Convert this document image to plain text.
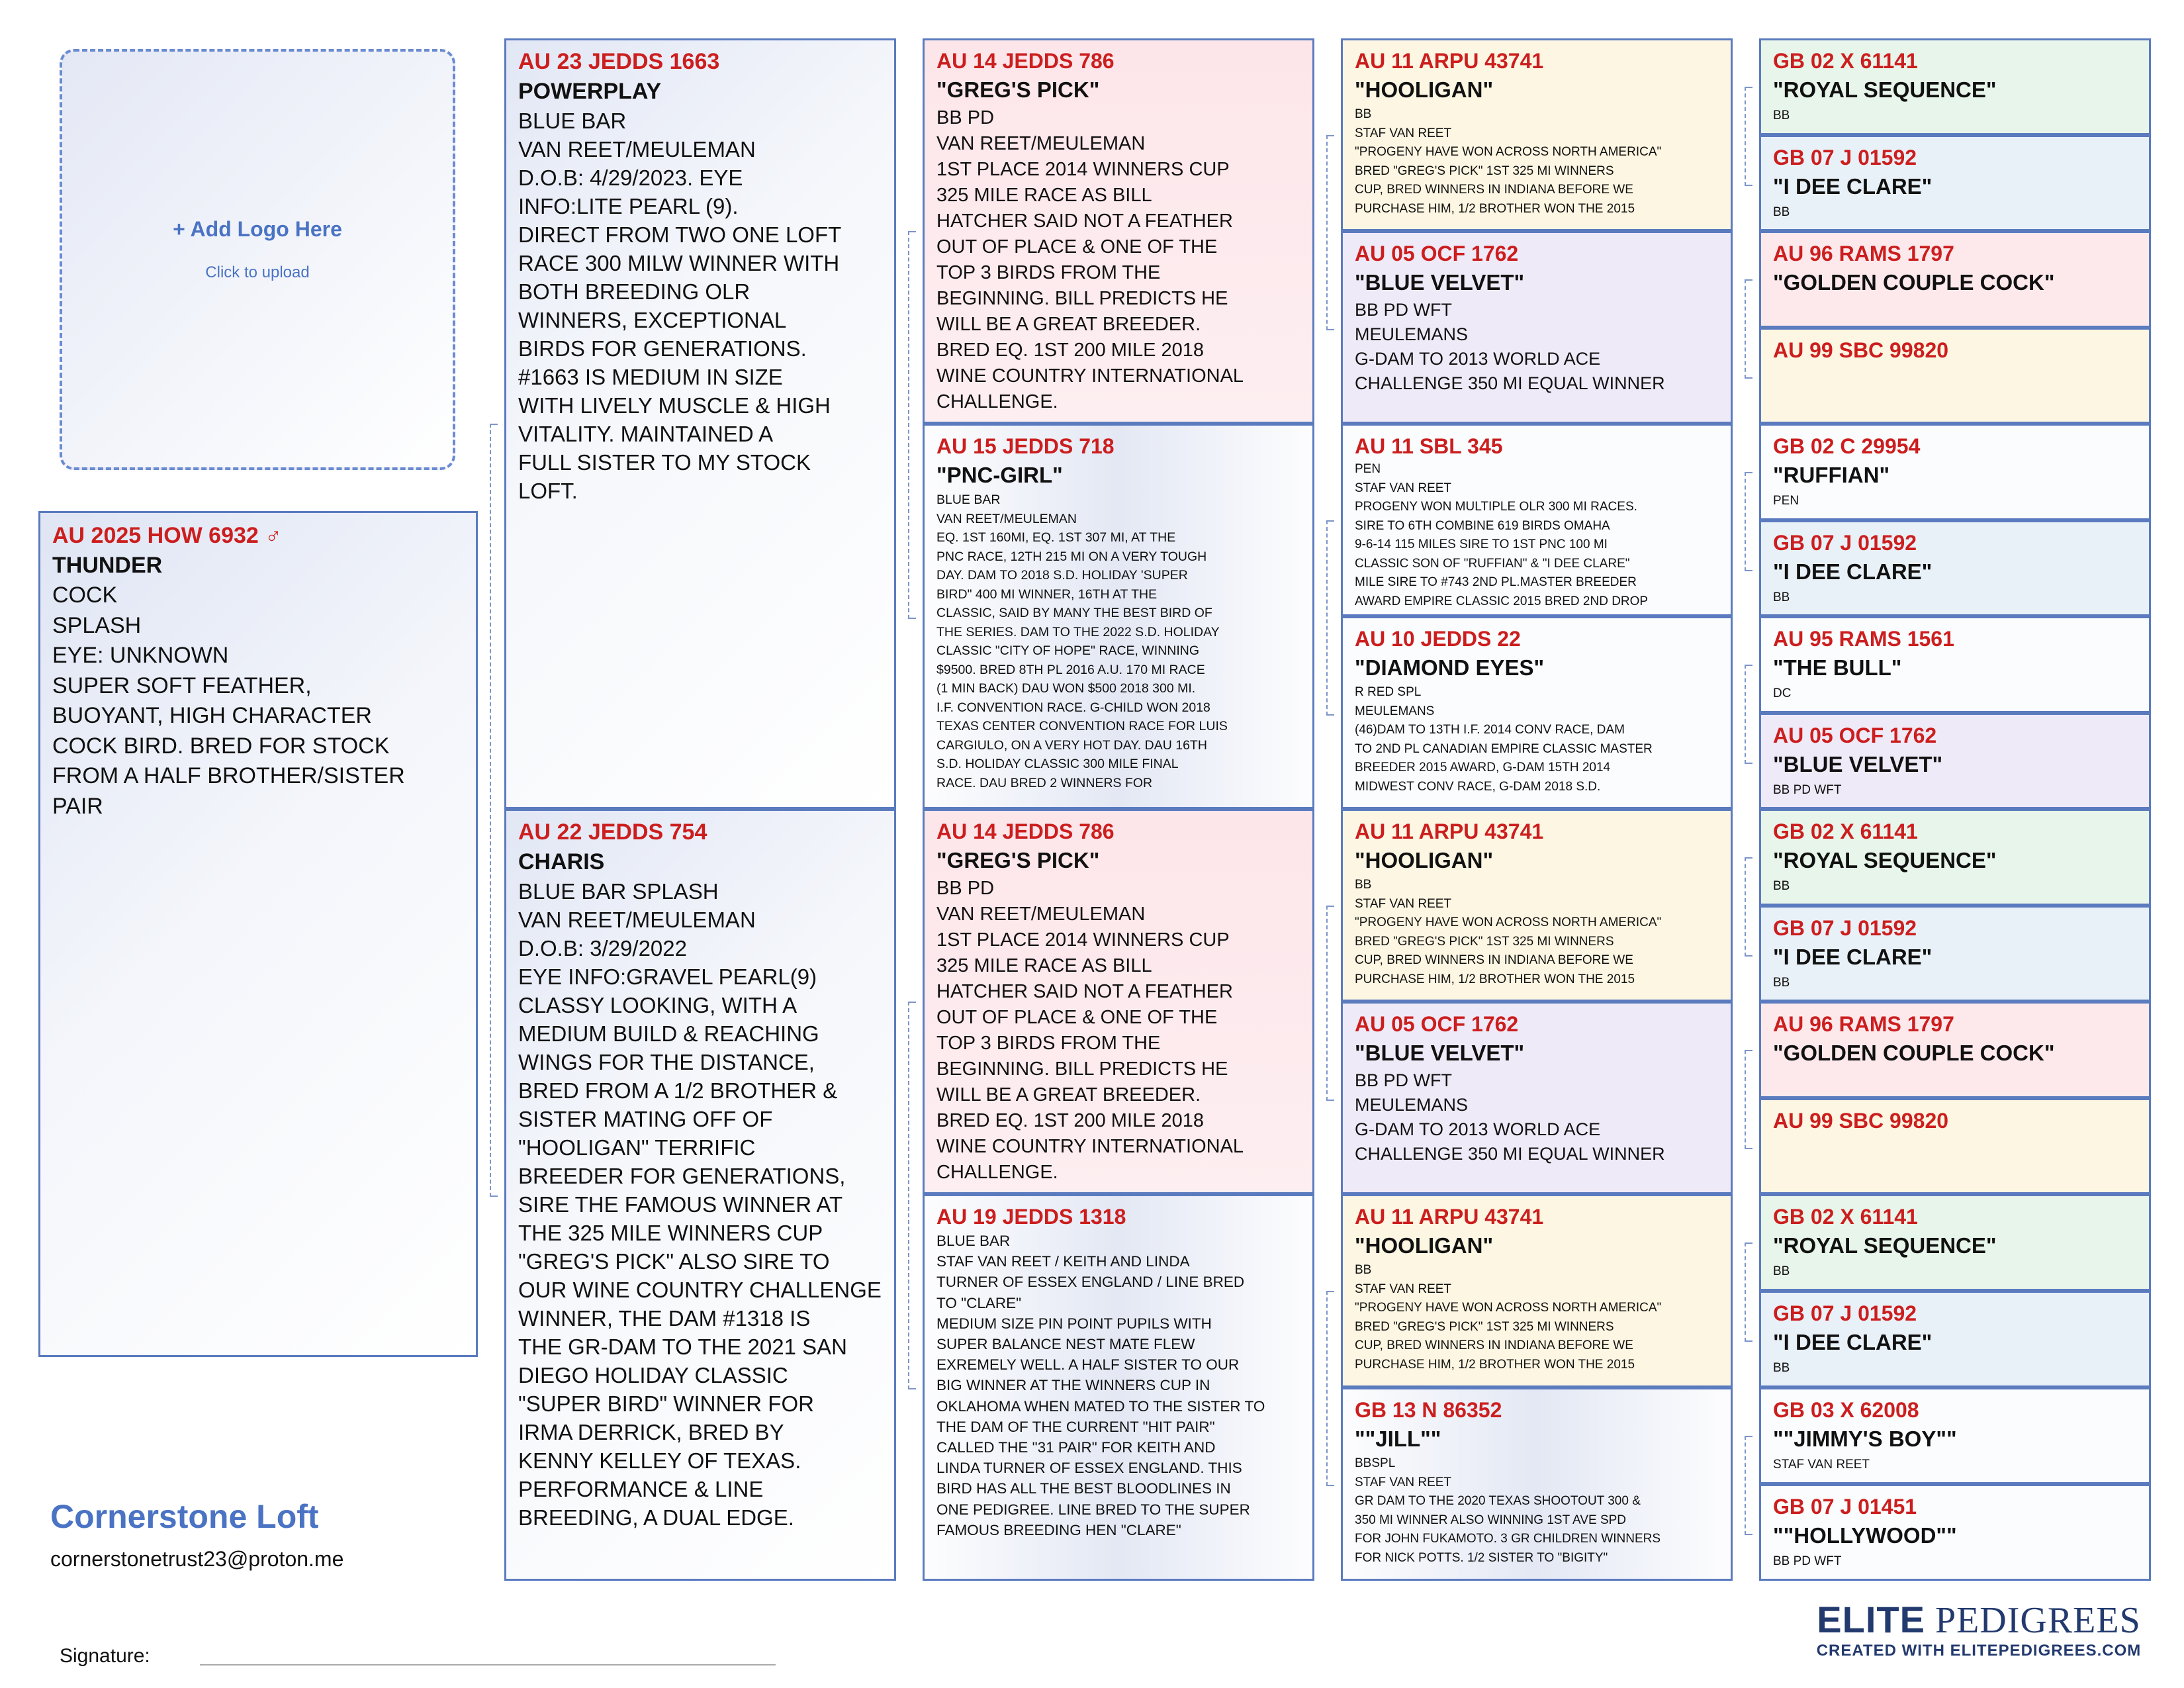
+ Add Logo Here
Click to upload
AU 2025 HOW 6932 ♂
THUNDER
COCK
SPLASH
EYE: UNKNOWN
SUPER SOFT FEATHER,
BUOYANT, HIGH CHARACTER
COCK BIRD. BRED FOR STOCK
FROM A HALF BROTHER/SISTER
PAIR
AU 23 JEDDS 1663
POWERPLAY
BLUE BAR
VAN REET/MEULEMAN
D.O.B: 4/29/2023. EYE
INFO:LITE PEARL (9).
DIRECT FROM TWO ONE LOFT
RACE 300 MILW WINNER WITH
BOTH BREEDING OLR
WINNERS, EXCEPTIONAL
BIRDS FOR GENERATIONS.
#1663 IS MEDIUM IN SIZE
WITH LIVELY MUSCLE & HIGH
VITALITY. MAINTAINED A
FULL SISTER TO MY STOCK
LOFT.
AU 22 JEDDS 754
CHARIS
BLUE BAR SPLASH
VAN REET/MEULEMAN
D.O.B: 3/29/2022
EYE INFO:GRAVEL PEARL(9)
CLASSY LOOKING, WITH A
MEDIUM BUILD & REACHING
WINGS FOR THE DISTANCE,
BRED FROM A 1/2 BROTHER &
SISTER MATING OFF OF
"HOOLIGAN" TERRIFIC
BREEDER FOR GENERATIONS,
SIRE THE FAMOUS WINNER AT
THE 325 MILE WINNERS CUP
"GREG'S PICK" ALSO SIRE TO
OUR WINE COUNTRY CHALLENGE
WINNER, THE DAM #1318 IS
THE GR-DAM TO THE 2021 SAN
DIEGO HOLIDAY CLASSIC
"SUPER BIRD" WINNER FOR
IRMA DERRICK, BRED BY
KENNY KELLEY OF TEXAS.
PERFORMANCE & LINE
BREEDING, A DUAL EDGE.
AU 14 JEDDS 786
"GREG'S PICK"
BB PD
VAN REET/MEULEMAN
1ST PLACE 2014 WINNERS CUP
325 MILE RACE AS BILL
HATCHER SAID NOT A FEATHER
OUT OF PLACE & ONE OF THE
TOP 3 BIRDS FROM THE
BEGINNING. BILL PREDICTS HE
WILL BE A GREAT BREEDER.
BRED EQ. 1ST 200 MILE 2018
WINE COUNTRY INTERNATIONAL
CHALLENGE.
AU 15 JEDDS 718
"PNC-GIRL"
BLUE BAR
VAN REET/MEULEMAN
EQ. 1ST 160MI, EQ. 1ST 307 MI, AT THE
PNC RACE, 12TH 215 MI ON A VERY TOUGH
DAY. DAM TO 2018 S.D. HOLIDAY 'SUPER
BIRD" 400 MI WINNER, 16TH AT THE
CLASSIC, SAID BY MANY THE BEST BIRD OF
THE SERIES. DAM TO THE 2022 S.D. HOLIDAY
CLASSIC "CITY OF HOPE" RACE, WINNING
$9500. BRED 8TH PL 2016 A.U. 170 MI RACE
(1 MIN BACK) DAU WON $500 2018 300 MI.
I.F. CONVENTION RACE. G-CHILD WON 2018
TEXAS CENTER CONVENTION RACE FOR LUIS
CARGIULO, ON A VERY HOT DAY. DAU 16TH
S.D. HOLIDAY CLASSIC 300 MILE FINAL
RACE. DAU BRED 2 WINNERS FOR
AU 14 JEDDS 786
"GREG'S PICK"
BB PD
VAN REET/MEULEMAN
1ST PLACE 2014 WINNERS CUP
325 MILE RACE AS BILL
HATCHER SAID NOT A FEATHER
OUT OF PLACE & ONE OF THE
TOP 3 BIRDS FROM THE
BEGINNING. BILL PREDICTS HE
WILL BE A GREAT BREEDER.
BRED EQ. 1ST 200 MILE 2018
WINE COUNTRY INTERNATIONAL
CHALLENGE.
AU 19 JEDDS 1318
BLUE BAR
STAF VAN REET / KEITH AND LINDA
TURNER OF ESSEX ENGLAND / LINE BRED
TO "CLARE"
MEDIUM SIZE PIN POINT PUPILS WITH
SUPER BALANCE NEST MATE FLEW
EXREMELY WELL. A HALF SISTER TO OUR
BIG WINNER AT THE WINNERS CUP IN
OKLAHOMA WHEN MATED TO THE SISTER TO
THE DAM OF THE CURRENT "HIT PAIR"
CALLED THE "31 PAIR" FOR KEITH AND
LINDA TURNER OF ESSEX ENGLAND. THIS
BIRD HAS ALL THE BEST BLOODLINES IN
ONE PEDIGREE. LINE BRED TO THE SUPER
FAMOUS BREEDING HEN "CLARE"
AU 11 ARPU 43741
"HOOLIGAN"
BB
STAF VAN REET
"PROGENY HAVE WON ACROSS NORTH AMERICA"
BRED "GREG'S PICK" 1ST 325 MI WINNERS
CUP, BRED WINNERS IN INDIANA BEFORE WE
PURCHASE HIM, 1/2 BROTHER WON THE 2015
AU 05 OCF 1762
"BLUE VELVET"
BB PD WFT
MEULEMANS
G-DAM TO 2013 WORLD ACE
CHALLENGE 350 MI EQUAL WINNER
AU 11 SBL 345
PEN
STAF VAN REET
PROGENY WON MULTIPLE OLR 300 MI RACES.
SIRE TO 6TH COMBINE 619 BIRDS OMAHA
9-6-14 115 MILES SIRE TO 1ST PNC 100 MI
CLASSIC SON OF "RUFFIAN" & "I DEE CLARE"
MILE SIRE TO #743 2ND PL.MASTER BREEDER
AWARD EMPIRE CLASSIC 2015 BRED 2ND DROP
AU 10 JEDDS 22
"DIAMOND EYES"
R RED SPL
MEULEMANS
(46)DAM TO 13TH I.F. 2014 CONV RACE, DAM
TO 2ND PL CANADIAN EMPIRE CLASSIC MASTER
BREEDER 2015 AWARD, G-DAM 15TH 2014
MIDWEST CONV RACE, G-DAM 2018 S.D.
AU 11 ARPU 43741
"HOOLIGAN"
BB
STAF VAN REET
"PROGENY HAVE WON ACROSS NORTH AMERICA"
BRED "GREG'S PICK" 1ST 325 MI WINNERS
CUP, BRED WINNERS IN INDIANA BEFORE WE
PURCHASE HIM, 1/2 BROTHER WON THE 2015
AU 05 OCF 1762
"BLUE VELVET"
BB PD WFT
MEULEMANS
G-DAM TO 2013 WORLD ACE
CHALLENGE 350 MI EQUAL WINNER
AU 11 ARPU 43741
"HOOLIGAN"
BB
STAF VAN REET
"PROGENY HAVE WON ACROSS NORTH AMERICA"
BRED "GREG'S PICK" 1ST 325 MI WINNERS
CUP, BRED WINNERS IN INDIANA BEFORE WE
PURCHASE HIM, 1/2 BROTHER WON THE 2015
GB 13 N 86352
""JILL""
BBSPL
STAF VAN REET
GR DAM TO THE 2020 TEXAS SHOOTOUT 300 &
350 MI WINNER ALSO WINNING 1ST AVE SPD
FOR JOHN FUKAMOTO. 3 GR CHILDREN WINNERS
FOR NICK POTTS. 1/2 SISTER TO "BIGITY"
GB 02 X 61141
"ROYAL SEQUENCE"
BB
GB 07 J 01592
"I DEE CLARE"
BB
AU 96 RAMS 1797
"GOLDEN COUPLE COCK"
AU 99 SBC 99820
GB 02 C 29954
"RUFFIAN"
PEN
GB 07 J 01592
"I DEE CLARE"
BB
AU 95 RAMS 1561
"THE BULL"
DC
AU 05 OCF 1762
"BLUE VELVET"
BB PD WFT
GB 02 X 61141
"ROYAL SEQUENCE"
BB
GB 07 J 01592
"I DEE CLARE"
BB
AU 96 RAMS 1797
"GOLDEN COUPLE COCK"
AU 99 SBC 99820
GB 02 X 61141
"ROYAL SEQUENCE"
BB
GB 07 J 01592
"I DEE CLARE"
BB
GB 03 X 62008
""JIMMY'S BOY""
STAF VAN REET
GB 07 J 01451
""HOLLYWOOD""
BB PD WFT
Cornerstone Loft
cornerstonetrust23@proton.me
Signature:
ELITE PEDIGREES
CREATED WITH ELITEPEDIGREES.COM
